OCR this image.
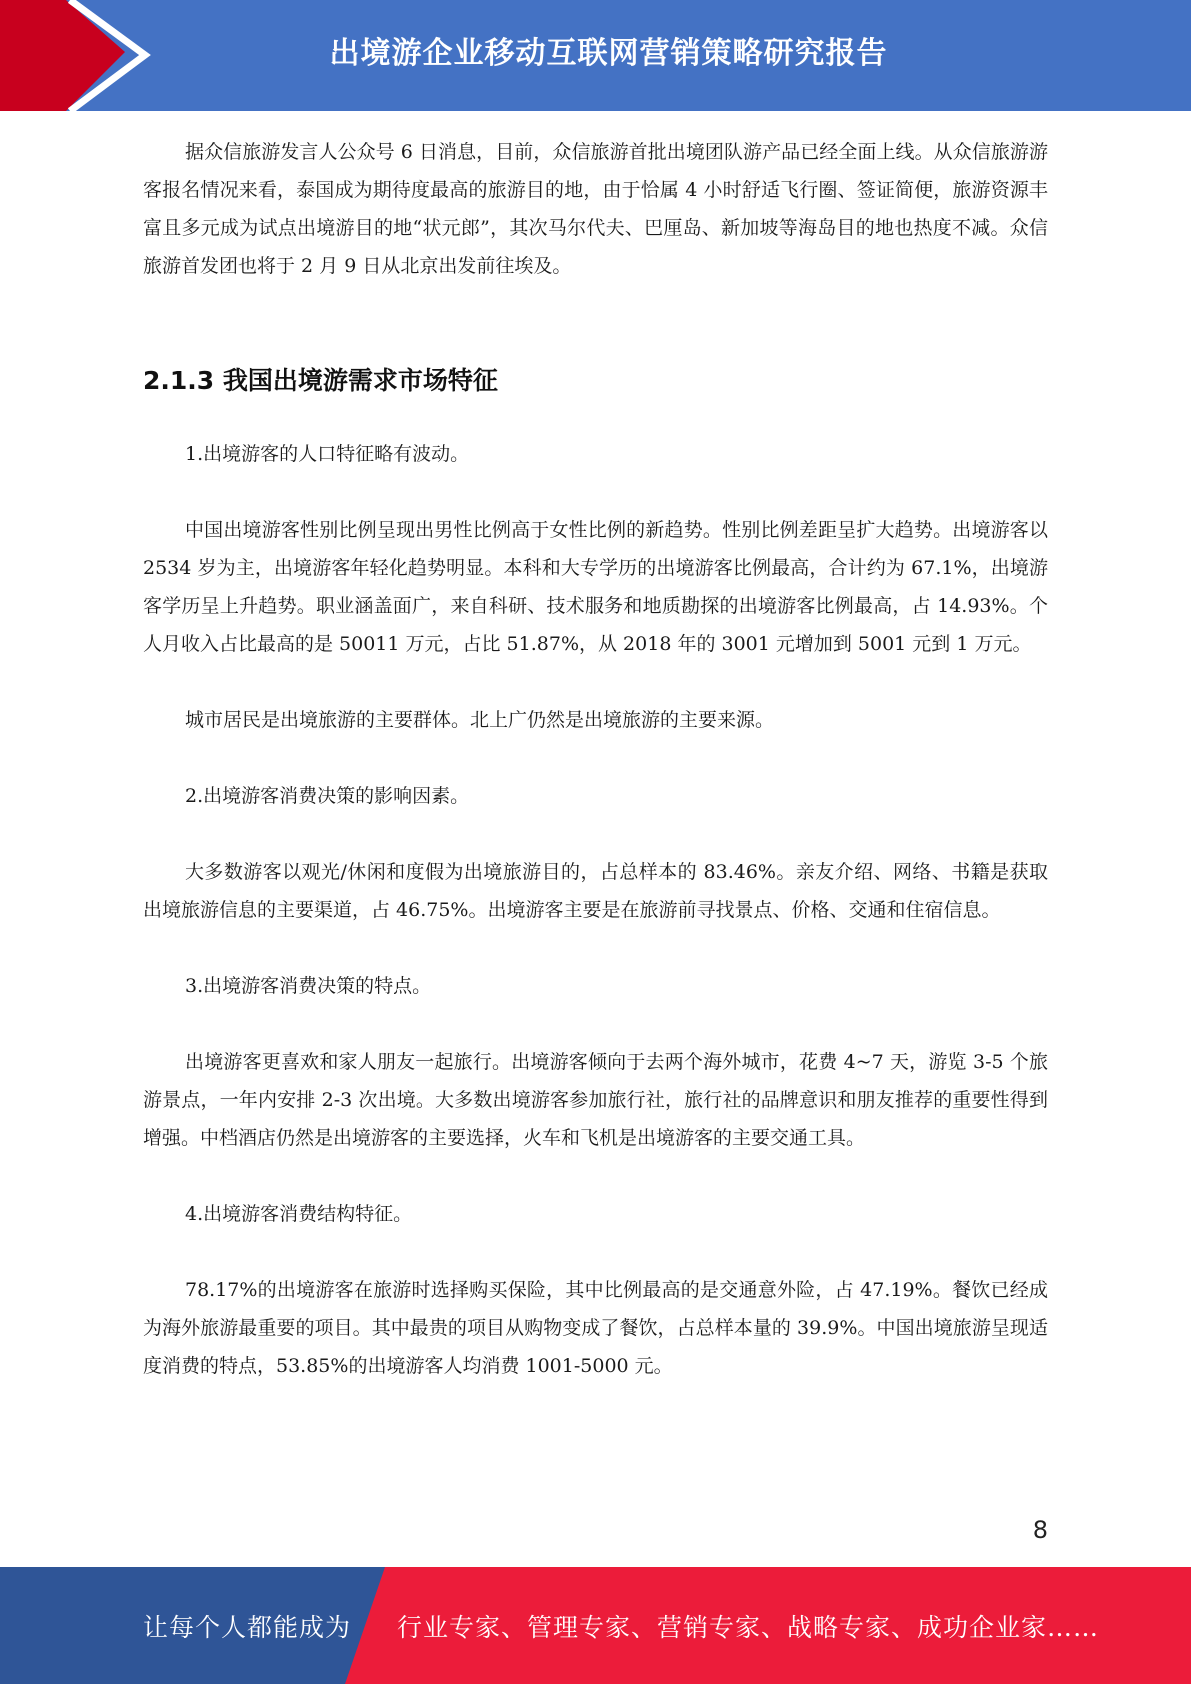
出境游企业移动互联网营销策略研究报告

据众信旅游发言人公众号 6 日消息，目前，众信旅游首批出境团队游产品已经全面上线。从众信旅游游客报名情况来看，泰国成为期待度最高的旅游目的地，由于恰属 4 小时舒适飞行圈、签证简便，旅游资源丰富且多元成为试点出境游目的地“状元郎”，其次马尔代夫、巴厘岛、新加坡等海岛目的地也热度不减。众信旅游首发团也将于 2 月 9 日从北京出发前往埃及。

2.1.3 我国出境游需求市场特征

1.出境游客的人口特征略有波动。

中国出境游客性别比例呈现出男性比例高于女性比例的新趋势。性别比例差距呈扩大趋势。出境游客以 2534 岁为主，出境游客年轻化趋势明显。本科和大专学历的出境游客比例最高，合计约为 67.1%，出境游客学历呈上升趋势。职业涵盖面广，来自科研、技术服务和地质勘探的出境游客比例最高，占 14.93%。个人月收入占比最高的是 50011 万元，占比 51.87%，从 2018 年的 3001 元增加到 5001 元到 1 万元。

城市居民是出境旅游的主要群体。北上广仍然是出境旅游的主要来源。

2.出境游客消费决策的影响因素。

大多数游客以观光/休闲和度假为出境旅游目的，占总样本的 83.46%。亲友介绍、网络、书籍是获取出境旅游信息的主要渠道，占 46.75%。出境游客主要是在旅游前寻找景点、价格、交通和住宿信息。

3.出境游客消费决策的特点。

出境游客更喜欢和家人朋友一起旅行。出境游客倾向于去两个海外城市，花费 4~7 天，游览 3-5 个旅游景点，一年内安排 2-3 次出境。大多数出境游客参加旅行社，旅行社的品牌意识和朋友推荐的重要性得到增强。中档酒店仍然是出境游客的主要选择，火车和飞机是出境游客的主要交通工具。

4.出境游客消费结构特征。

78.17%的出境游客在旅游时选择购买保险，其中比例最高的是交通意外险，占 47.19%。餐饮已经成为海外旅游最重要的项目。其中最贵的项目从购物变成了餐饮，占总样本量的 39.9%。中国出境旅游呈现适度消费的特点，53.85%的出境游客人均消费 1001-5000 元。

8
让每个人都能成为 行业专家、管理专家、营销专家、战略专家、成功企业家……
